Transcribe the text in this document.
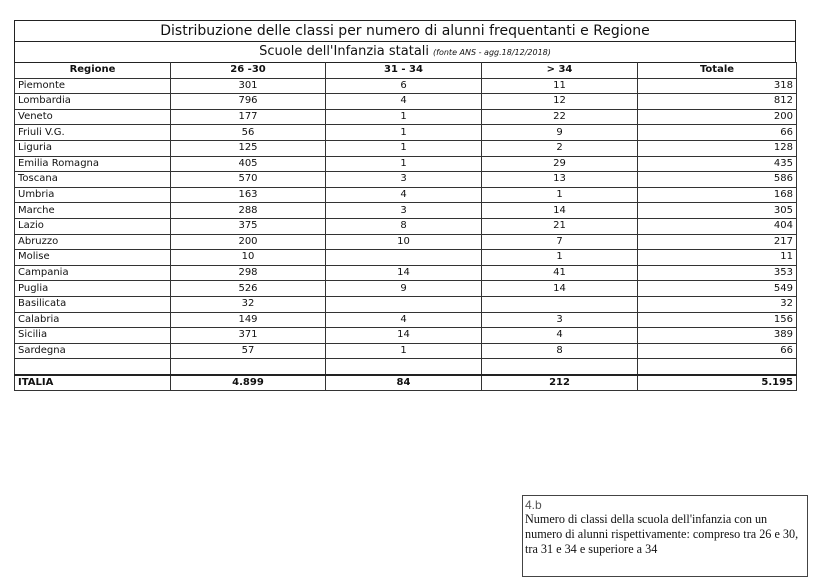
Distribuzione delle classi per numero di alunni frequentanti e Regione
Scuole dell'Infanzia statali (fonte ANS - agg.18/12/2018)
Regione	26 -30	31 - 34	> 34	Totale
Piemonte	301	6	11	318
Lombardia	796	4	12	812
Veneto	177	1	22	200
Friuli V.G.	56	1	9	66
Liguria	125	1	2	128
Emilia Romagna	405	1	29	435
Toscana	570	3	13	586
Umbria	163	4	1	168
Marche	288	3	14	305
Lazio	375	8	21	404
Abruzzo	200	10	7	217
Molise	10		1	11
Campania	298	14	41	353
Puglia	526	9	14	549
Basilicata	32			32
Calabria	149	4	3	156
Sicilia	371	14	4	389
Sardegna	57	1	8	66

ITALIA	4.899	84	212	5.195
4.b
Numero di classi della scuola dell'infanzia con un numero di alunni rispettivamente: compreso tra 26 e 30, tra 31 e 34 e superiore a 34
